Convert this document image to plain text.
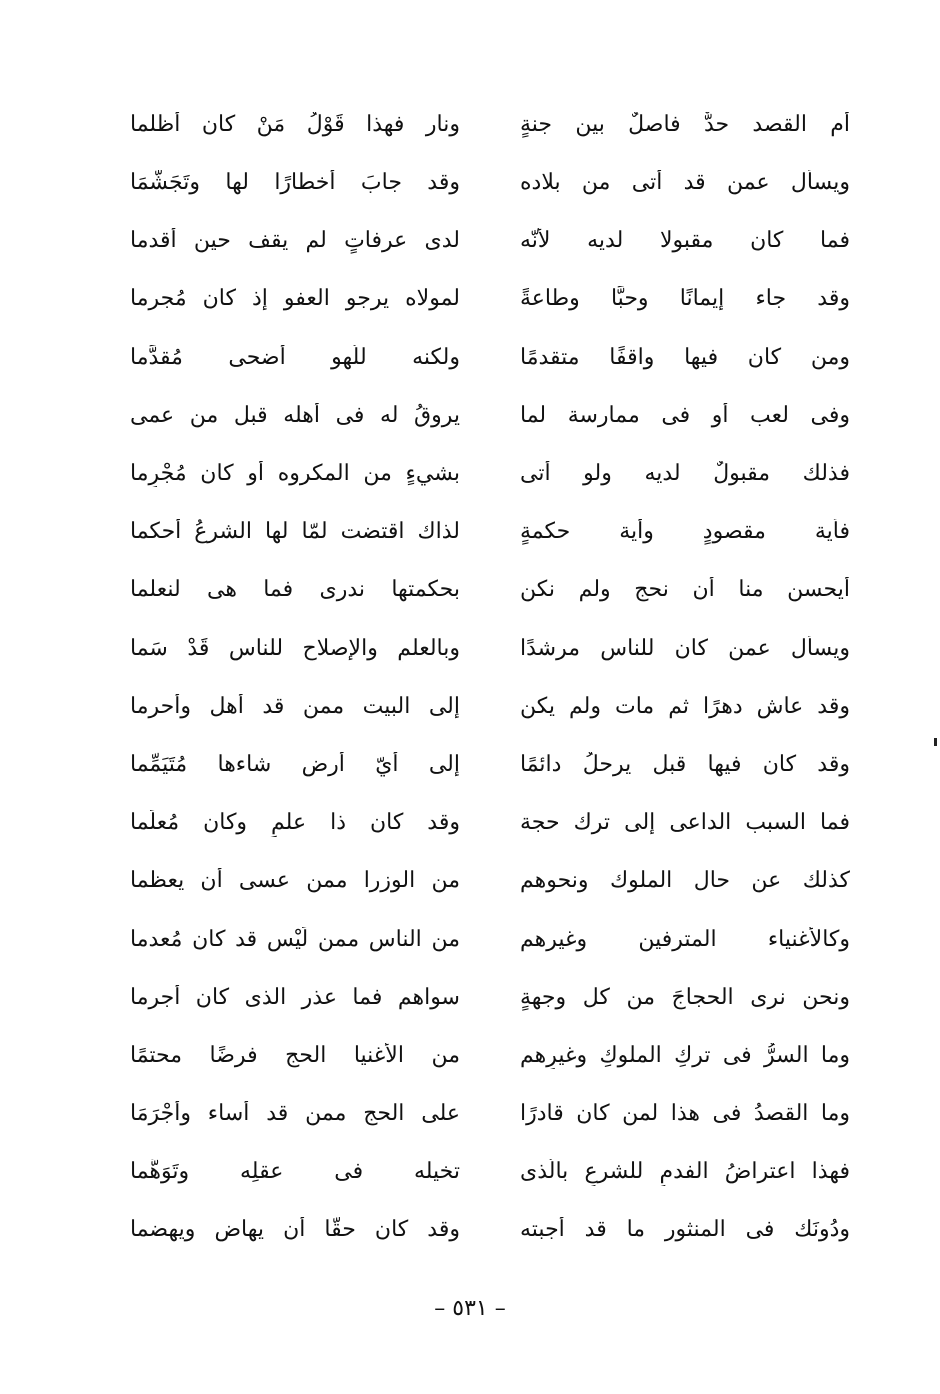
أم القصد حدٌّ فاصلٌ بين جنةٍ
ونار فهذا قَوْلُ مَنْ كان أظلما
ويسأل عمن قد أتى من بلاده
وقد جابَ أخطارًا لها وتَجَشَّمَا
فما كان مقبولا لديه لأنّه
لدى عرفاتٍ لم يقف حين أقدما
وقد جاء إيمانًا وحبًّا وطاعةً
لمولاه يرجو العفو إذ كان مُجرما
ومن كان فيها واقفًا متقدمًا
ولكنه للّهو أضحى مُقدَّما
وفى لعب أو فى ممارسة لما
يروقُ له فى أهله قبل من عمى
فذلك مقبولٌ لديه ولو أتى
بشيءٍ من المكروه أو كان مُجْرِما
فأية مقصودٍ وأية حكمةٍ
لذاك اقتضت لمّا لها الشرعُ أحكما
أيحسن منا أن نحج ولم نكن
بحكمتها ندرى فما هى لنعلما
ويسأل عمن كان للناسِ مرشدًا
وبالعلمِ والإصلاحِ للناس قَدْ سَما
وقد عاش دهرًا ثم مات ولم يكن
إلى البيت ممن قد أهل وأحرما
وقد كان فيها قبل يرحلُ دائمًا
إلى أيّ أرض شاءها مُتَيَمِّما
فما السبب الداعى إلى ترك حجة
وقد كان ذا علمٍ وكان مُعلِّما
كذلك عن حال الملوك ونحوهم
من الوزرا ممن عسى أن يعظما
وكالأغنياء المترفين وغيرهم
من الناسِ ممن لَيْس قد كان مُعدما
ونحن نرى الحجاجَ من كل وجهةٍ
سواهم فما عذر الذى كان أجرما
وما السرُّ فى تركِ الملوكِ وغيرِهم
من الأغنيا الحج فرضًا محتمًا
وما القصدُ فى هذا لمن كان قادرًا
على الحج ممن قد أساء وأَجْرَمَا
فهذا اعتراضُ الفدمِ للشرعِ بالَّذى
تخيله فى عقلِه وتَوَهَّما
ودُونَك فى المنثور ما قد أجبته
وقد كان حقًّا أن يهاض ويهضما
– ٥٣١ –
